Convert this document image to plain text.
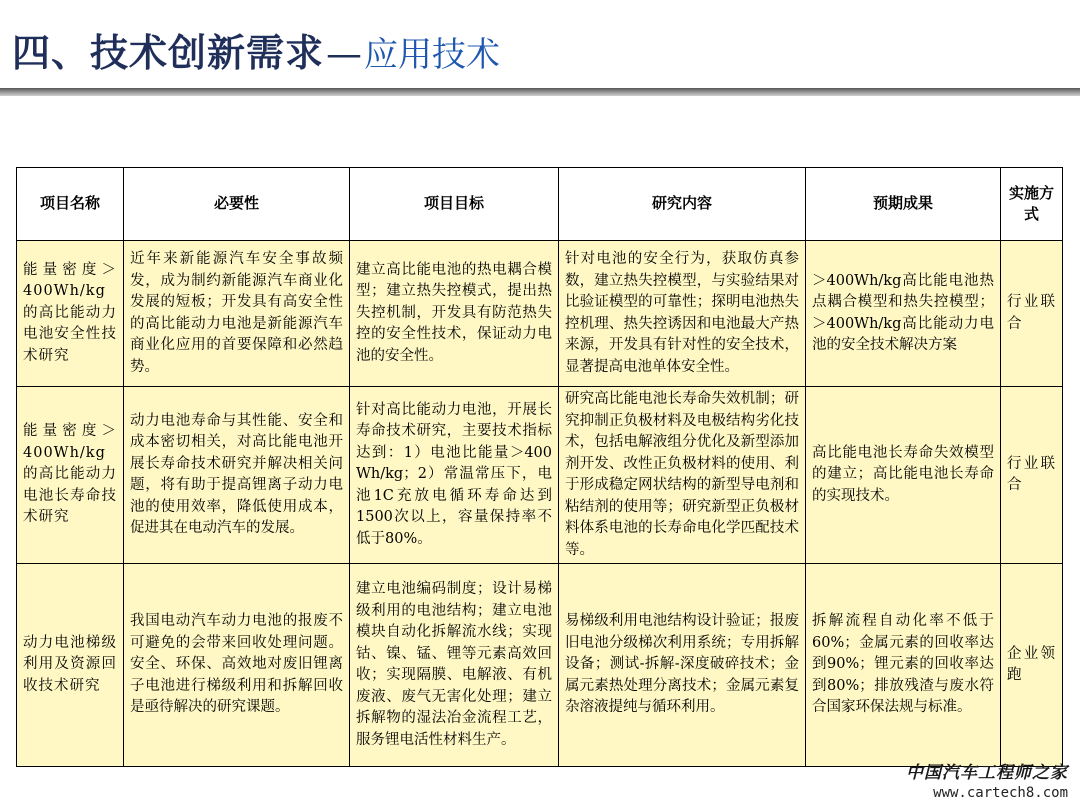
四、技术创新需求 — 应用技术
项目名称	必要性	项目目标	研究内容	预期成果	实施方式
能量密度＞400Wh/kg的高比能动力电池安全性技术研究	近年来新能源汽车安全事故频发，成为制约新能源汽车商业化发展的短板；开发具有高安全性的高比能动力电池是新能源汽车商业化应用的首要保障和必然趋势。	建立高比能电池的热电耦合模型；建立热失控模式，提出热失控机制，开发具有防范热失控的安全性技术，保证动力电池的安全性。	针对电池的安全行为，获取仿真参数，建立热失控模型，与实验结果对比验证模型的可靠性；探明电池热失控机理、热失控诱因和电池最大产热来源，开发具有针对性的安全技术，显著提高电池单体安全性。	＞400Wh/kg高比能电池热点耦合模型和热失控模型；＞400Wh/kg高比能动力电池的安全技术解决方案	行业联合
能量密度＞400Wh/kg的高比能动力电池长寿命技术研究	动力电池寿命与其性能、安全和成本密切相关，对高比能电池开展长寿命技术研究并解决相关问题，将有助于提高锂离子动力电池的使用效率，降低使用成本，促进其在电动汽车的发展。	针对高比能动力电池，开展长寿命技术研究，主要技术指标达到：1）电池比能量＞400 Wh/kg；2）常温常压下，电池1C充放电循环寿命达到1500次以上，容量保持率不低于80%。	研究高比能电池长寿命失效机制；研究抑制正负极材料及电极结构劣化技术，包括电解液组分优化及新型添加剂开发、改性正负极材料的使用、利于形成稳定网状结构的新型导电剂和粘结剂的使用等；研究新型正负极材料体系电池的长寿命电化学匹配技术等。	高比能电池长寿命失效模型的建立；高比能电池长寿命的实现技术。	行业联合
动力电池梯级利用及资源回收技术研究	我国电动汽车动力电池的报废不可避免的会带来回收处理问题。安全、环保、高效地对废旧锂离子电池进行梯级利用和拆解回收是亟待解决的研究课题。	建立电池编码制度；设计易梯级利用的电池结构；建立电池模块自动化拆解流水线；实现钴、镍、锰、锂等元素高效回收；实现隔膜、电解液、有机废液、废气无害化处理；建立拆解物的湿法冶金流程工艺，服务锂电活性材料生产。	易梯级利用电池结构设计验证；报废旧电池分级梯次利用系统；专用拆解设备；测试-拆解-深度破碎技术；金属元素热处理分离技术；金属元素复杂溶液提纯与循环利用。	拆解流程自动化率不低于60%；金属元素的回收率达到90%；锂元素的回收率达到80%；排放残渣与废水符合国家环保法规与标准。	企业领跑
中国汽车工程师之家
www.cartech8.com
